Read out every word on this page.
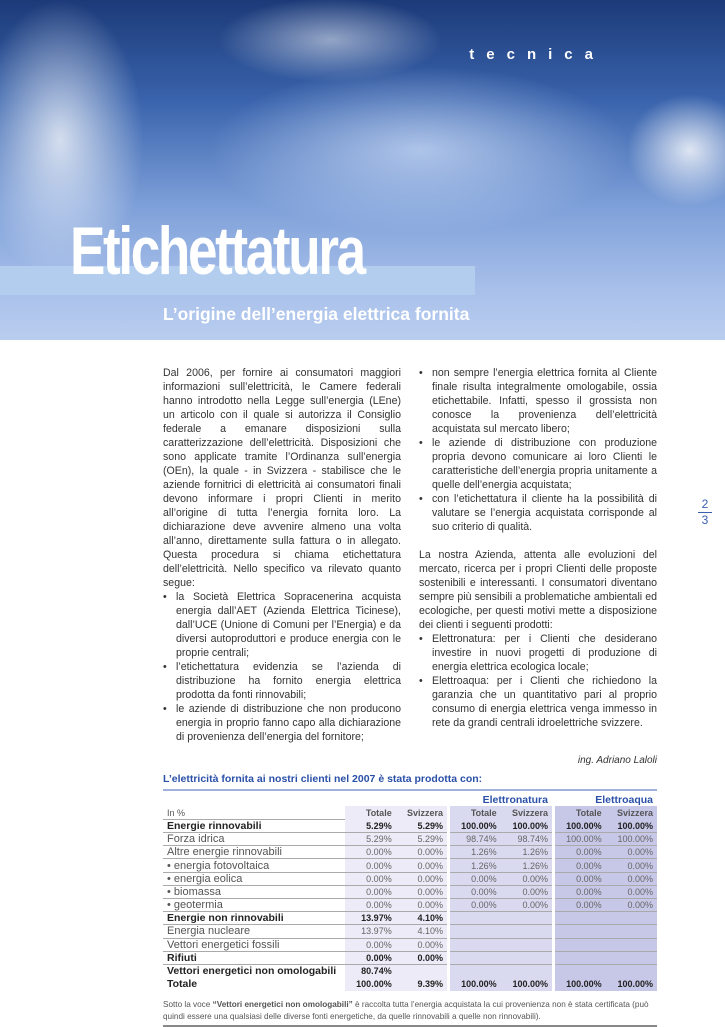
tecnica
Etichettatura
L’origine dell’energia elettrica fornita

Dal 2006, per fornire ai consumatori maggiori informazioni sull’elettricità, le Camere federali hanno introdotto nella Legge sull’energia (LEne) un articolo con il quale si autorizza il Consiglio federale a emanare disposizioni sulla caratterizzazione dell’elettricità. Disposizioni che sono applicate tramite l’Ordinanza sull’energia (OEn), la quale - in Svizzera - stabilisce che le aziende fornitrici di elettricità ai consumatori finali devono informare i propri Clienti in merito all’origine di tutta l’energia fornita loro. La dichiarazione deve avvenire almeno una volta all’anno, direttamente sulla fattura o in allegato. Questa procedura si chiama etichettatura dell’elettricità. Nello specifico va rilevato quanto segue:

• la Società Elettrica Sopracenerina acquista energia dall’AET (Azienda Elettrica Ticinese), dall’UCE (Unione di Comuni per l’Energia) e da diversi autoproduttori e produce energia con le proprie centrali;
• l’etichettatura evidenzia se l’azienda di distribuzione ha fornito energia elettrica prodotta da fonti rinnovabili;
• le aziende di distribuzione che non producono energia in proprio fanno capo alla dichiarazione di provenienza dell’energia del fornitore;
• non sempre l’energia elettrica fornita al Cliente finale risulta integralmente omologabile, ossia etichettabile. Infatti, spesso il grossista non conosce la provenienza dell’elettricità acquistata sul mercato libero;
• le aziende di distribuzione con produzione propria devono comunicare ai loro Clienti le caratteristiche dell’energia propria unitamente a quelle dell’energia acquistata;
• con l’etichettatura il cliente ha la possibilità di valutare se l’energia acquistata corrisponde al suo criterio di qualità.

La nostra Azienda, attenta alle evoluzioni del mercato, ricerca per i propri Clienti delle proposte sostenibili e interessanti. I consumatori diventano sempre più sensibili a problematiche ambientali ed ecologiche, per questi motivi mette a disposizione dei clienti i seguenti prodotti:

• Elettronatura: per i Clienti che desiderano investire in nuovi progetti di produzione di energia elettrica ecologica locale;
• Elettroaqua: per i Clienti che richiedono la garanzia che un quantitativo pari al proprio consumo di energia elettrica venga immesso in rete da grandi centrali idroelettriche svizzere.
ing. Adriano Laloli
L’elettricità fornita ai nostri clienti nel 2007 è stata prodotta con:
				Elettronatura			Elettroaqua	
In %	Totale	Svizzera		Totale	Svizzera		Totale	Svizzera
Energie rinnovabili	5.29%	5.29%		100.00%	100.00%		100.00%	100.00%
Forza idrica	5.29%	5.29%		98.74%	98.74%		100.00%	100.00%
Altre energie rinnovabili	0.00%	0.00%		1.26%	1.26%		0.00%	0.00%
• energia fotovoltaica	0.00%	0.00%		1.26%	1.26%		0.00%	0.00%
• energia eolica	0.00%	0.00%		0.00%	0.00%		0.00%	0.00%
• biomassa	0.00%	0.00%		0.00%	0.00%		0.00%	0.00%
• geotermia	0.00%	0.00%		0.00%	0.00%		0.00%	0.00%
Energie non rinnovabili	13.97%	4.10%						
Energia nucleare	13.97%	4.10%						
Vettori energetici fossili	0.00%	0.00%						
Rifiuti	0.00%	0.00%						
Vettori energetici non omologabili	80.74%							
Totale	100.00%	9.39%		100.00%	100.00%		100.00%	100.00%
Sotto la voce “Vettori energetici non omologabili” è raccolta tutta l’energia acquistata la cui provenienza non è stata certificata (può quindi essere una qualsiasi delle diverse fonti energetiche, da quelle rinnovabili a quelle non rinnovabili).
2
3
